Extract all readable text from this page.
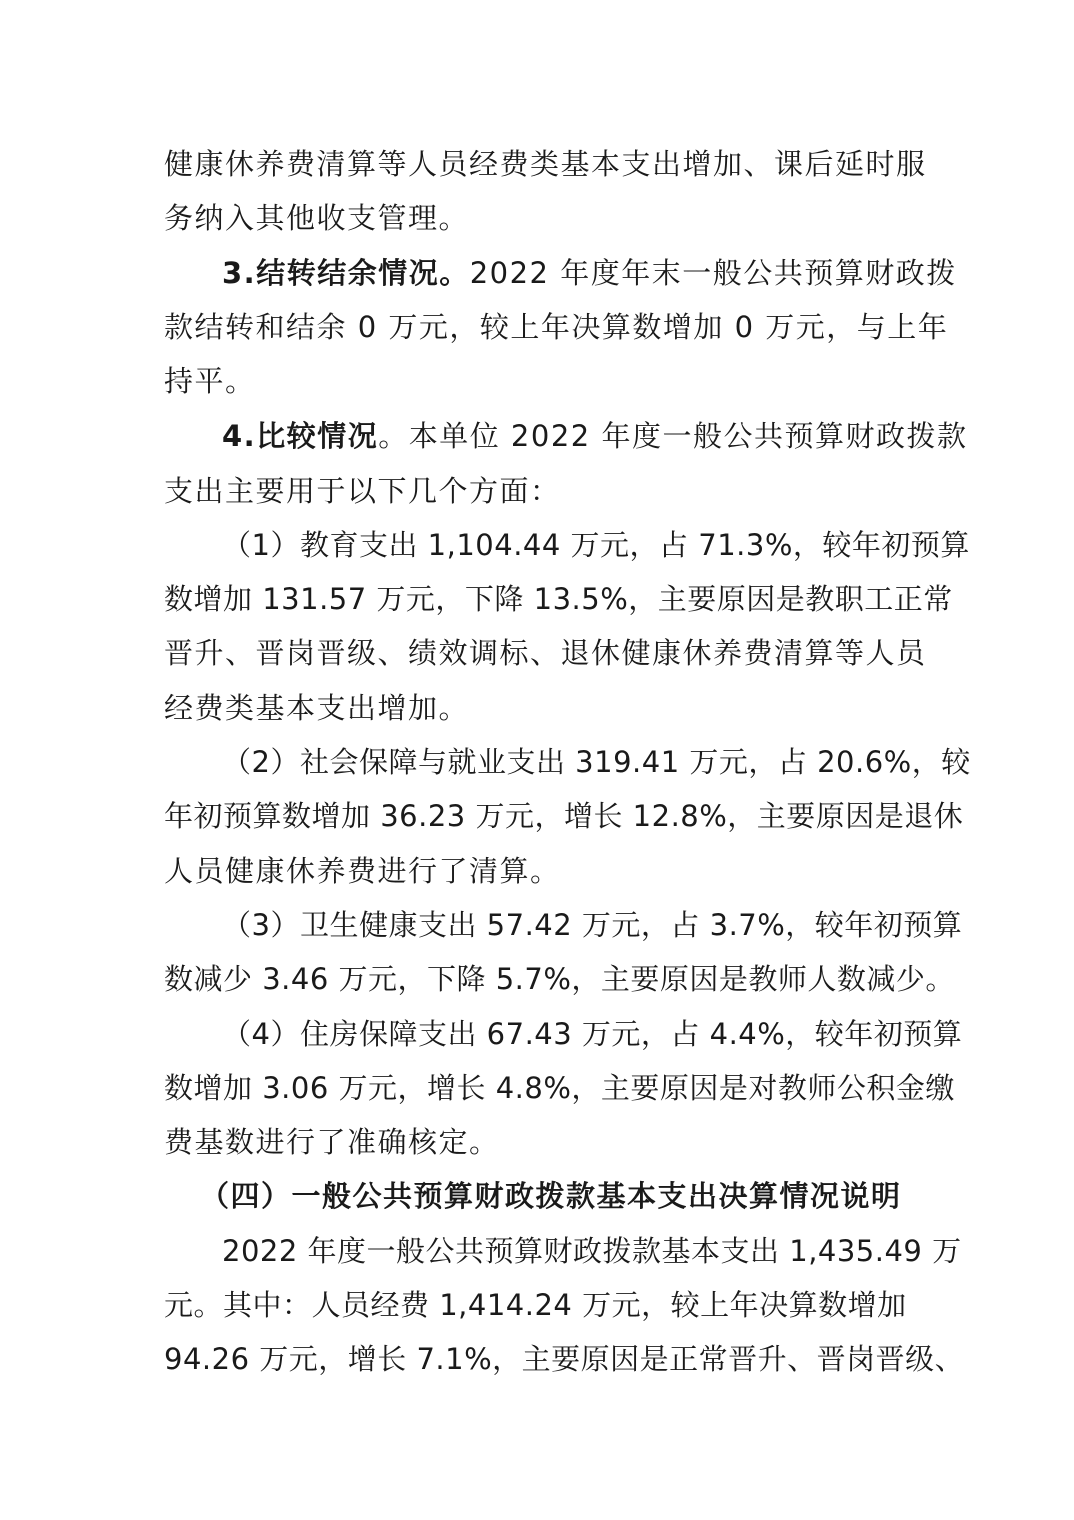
健康休养费清算等人员经费类基本支出增加、课后延时服
务纳入其他收支管理。
3.结转结余情况。2022 年度年末一般公共预算财政拨
款结转和结余 0 万元，较上年决算数增加 0 万元，与上年
持平。
4.比较情况。本单位 2022 年度一般公共预算财政拨款
支出主要用于以下几个方面：
（1）教育支出 1,104.44 万元，占 71.3%，较年初预算
数增加 131.57 万元，下降 13.5%，主要原因是教职工正常
晋升、晋岗晋级、绩效调标、退休健康休养费清算等人员
经费类基本支出增加。
（2）社会保障与就业支出 319.41 万元，占 20.6%，较
年初预算数增加 36.23 万元，增长 12.8%，主要原因是退休
人员健康休养费进行了清算。
（3）卫生健康支出 57.42 万元，占 3.7%，较年初预算
数减少 3.46 万元，下降 5.7%，主要原因是教师人数减少。
（4）住房保障支出 67.43 万元，占 4.4%，较年初预算
数增加 3.06 万元，增长 4.8%，主要原因是对教师公积金缴
费基数进行了准确核定。
（四）一般公共预算财政拨款基本支出决算情况说明
2022 年度一般公共预算财政拨款基本支出 1,435.49 万
元。其中：人员经费 1,414.24 万元，较上年决算数增加
94.26 万元，增长 7.1%，主要原因是正常晋升、晋岗晋级、
